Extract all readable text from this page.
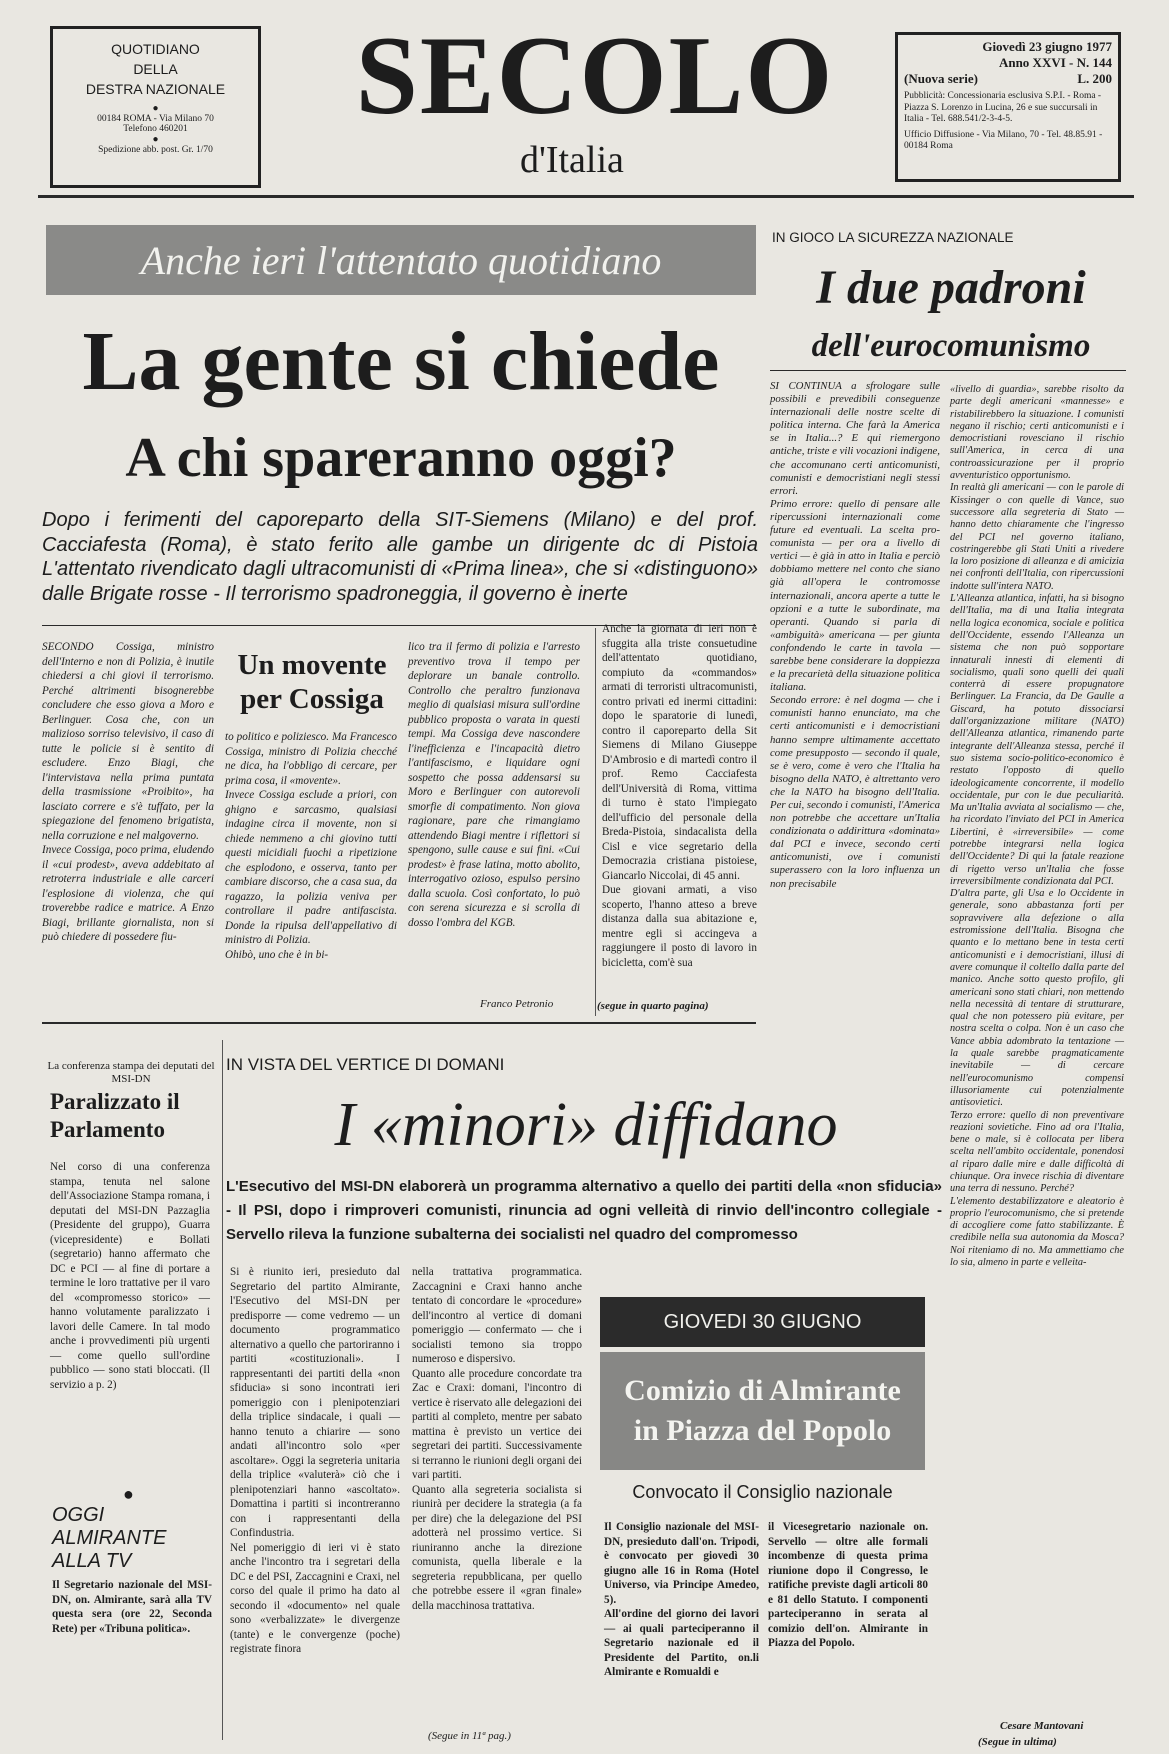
QUOTIDIANO
DELLA
DESTRA NAZIONALE
●
00184 ROMA - Via Milano 70
Telefono 460201
●
Spedizione abb. post. Gr. 1/70
SECOLO
d'Italia
Giovedì 23 giugno 1977
Anno XXVI - N. 144
(Nuova serie)	L. 200
Pubblicità: Concessionaria esclusiva S.P.I. - Roma - Piazza S. Lorenzo in Lucina, 26 e sue succursali in Italia - Tel. 688.541/2-3-4-5.
Ufficio Diffusione - Via Milano, 70 - Tel. 48.85.91 - 00184 Roma
Anche ieri l'attentato quotidiano
La gente si chiede
A chi spareranno oggi?
Dopo i ferimenti del caporeparto della SIT-Siemens (Milano) e del prof. Cacciafesta (Roma), è stato ferito alle gambe un dirigente dc di Pistoia L'attentato rivendicato dagli ultracomunisti di «Prima linea», che si «distinguono» dalle Brigate rosse - Il terrorismo spadroneggia, il governo è inerte

SECONDO Cossiga, ministro dell'Interno e non di Polizia, è inutile chiedersi a chi giovi il terrorismo. Perché altrimenti bisognerebbe concludere che esso giova a Moro e Berlinguer. Cosa che, con un malizioso sorriso televisivo, il caso di tutte le policie si è sentito di escludere. Enzo Biagi, che l'intervistava nella prima puntata della trasmissione «Proibito», ha lasciato correre e s'è tuffato, per la spiegazione del fenomeno brigatista, nella corruzione e nel malgoverno.
Invece Cossiga, poco prima, eludendo il «cui prodest», aveva addebitato al retroterra industriale e alle carceri l'esplosione di violenza, che qui troverebbe radice e matrice. A Enzo Biagi, brillante giornalista, non si può chiedere di possedere fiu-

Un movente per Cossiga

to politico e poliziesco. Ma Francesco Cossiga, ministro di Polizia checché ne dica, ha l'obbligo di cercare, per prima cosa, il «movente».
Invece Cossiga esclude a priori, con ghigno e sarcasmo, qualsiasi indagine circa il movente, non si chiede nemmeno a chi giovino tutti questi micidiali fuochi a ripetizione che esplodono, e osserva, tanto per cambiare discorso, che a casa sua, da ragazzo, la polizia veniva per controllare il padre antifascista. Donde la ripulsa dell'appellativo di ministro di Polizia.
Ohibò, uno che è in bi-

lico tra il fermo di polizia e l'arresto preventivo trova il tempo per deplorare un banale controllo. Controllo che peraltro funzionava meglio di qualsiasi misura sull'ordine pubblico proposta o varata in questi tempi. Ma Cossiga deve nascondere l'inefficienza e l'incapacità dietro l'antifascismo, e liquidare ogni sospetto che possa addensarsi su Moro e Berlinguer con autorevoli smorfie di compatimento. Non giova ragionare, pare che rimangiamo attendendo Biagi mentre i riflettori si spengono, sulle cause e sui fini. «Cui prodest» è frase latina, motto abolito, interrogativo ozioso, espulso persino dalla scuola. Così confortato, lo può con serena sicurezza e si scrolla di dosso l'ombra del KGB.

Franco Petronio

Anche la giornata di ieri non è sfuggita alla triste consuetudine dell'attentato quotidiano, compiuto da «commandos» armati di terroristi ultracomunisti, contro privati ed inermi cittadini: dopo le sparatorie di lunedì, contro il caporeparto della Sit Siemens di Milano Giuseppe D'Ambrosio e di martedì contro il prof. Remo Cacciafesta dell'Università di Roma, vittima di turno è stato l'impiegato dell'ufficio del personale della Breda-Pistoia, sindacalista della Cisl e vice segretario della Democrazia cristiana pistoiese, Giancarlo Niccolai, di 45 anni.
Due giovani armati, a viso scoperto, l'hanno atteso a breve distanza dalla sua abitazione e, mentre egli si accingeva a raggiungere il posto di lavoro in bicicletta, com'è sua

(segue in quarto pagina)
IN GIOCO LA SICUREZZA NAZIONALE
I due padroni
dell'eurocomunismo

SI CONTINUA a sfrologare sulle possibili e prevedibili conseguenze internazionali delle nostre scelte di politica interna. Che farà la America se in Italia...? E qui riemergono antiche, triste e vili vocazioni indigene, che accomunano certi anticomunisti, comunisti e democristiani negli stessi errori.
Primo errore: quello di pensare alle ripercussioni internazionali come future ed eventuali. La scelta pro-comunista — per ora a livello di vertici — è già in atto in Italia e perciò dobbiamo mettere nel conto che siano già all'opera le contromosse internazionali, ancora aperte a tutte le opzioni e a tutte le subordinate, ma operanti. Quando si parla di «ambiguità» americana — per giunta confondendo le carte in tavola — sarebbe bene considerare la doppiezza e la precarietà della situazione politica italiana.
Secondo errore: è nel dogma — che i comunisti hanno enunciato, ma che certi anticomunisti e i democristiani hanno sempre ultimamente accettato come presupposto — secondo il quale, se è vero, come è vero che l'Italia ha bisogno della NATO, è altrettanto vero che la NATO ha bisogno dell'Italia. Per cui, secondo i comunisti, l'America non potrebbe che accettare un'Italia condizionata o addirittura «dominata» dal PCI e invece, secondo certi anticomunisti, ove i comunisti superassero con la loro influenza un non precisabile

«livello di guardia», sarebbe risolto da parte degli americani «mannesse» e ristabilirebbero la situazione. I comunisti negano il rischio; certi anticomunisti e i democristiani rovesciano il rischio sull'America, in cerca di una controassicurazione per il proprio avventuristico opportunismo.
In realtà gli americani — con le parole di Kissinger o con quelle di Vance, suo successore alla segreteria di Stato — hanno detto chiaramente che l'ingresso del PCI nel governo italiano, costringerebbe gli Stati Uniti a rivedere la loro posizione di alleanza e di amicizia nei confronti dell'Italia, con ripercussioni indotte sull'intera NATO.
L'Alleanza atlantica, infatti, ha sì bisogno dell'Italia, ma di una Italia integrata nella logica economica, sociale e politica dell'Occidente, essendo l'Alleanza un sistema che non può sopportare innaturali innesti di elementi di socialismo, quali sono quelli dei quali conterrà di essere propugnatore Berlinguer. La Francia, da De Gaulle a Giscard, ha potuto dissociarsi dall'organizzazione militare (NATO) dell'Alleanza atlantica, rimanendo parte integrante dell'Alleanza stessa, perché il suo sistema socio-politico-economico è restato l'opposto di quello ideologicamente concorrente, il modello occidentale, pur con le due peculiarità. Ma un'Italia avviata al socialismo — che, ha ricordato l'inviato del PCI in America Libertini, è «irreversibile» — come potrebbe integrarsi nella logica dell'Occidente? Di qui la fatale reazione di rigetto verso un'Italia che fosse irreversibilmente condizionata dal PCI.
D'altra parte, gli Usa e lo Occidente in generale, sono abbastanza forti per sopravvivere alla defezione o alla estromissione dell'Italia. Bisogna che quanto e lo mettano bene in testa certi anticomunisti e i democristiani, illusi di avere comunque il coltello dalla parte del manico. Anche sotto questo profilo, gli americani sono stati chiari, non mettendo nella necessità di tentare di strutturare, qual che non potessero più evitare, per nostra scelta o colpa. Non è un caso che Vance abbia adombrato la tentazione — la quale sarebbe pragmaticamente inevitabile — di cercare nell'eurocomunismo compensi illusoriamente cui potenzialmente antisovietici.
Terzo errore: quello di non preventivare reazioni sovietiche. Fino ad ora l'Italia, bene o male, si è collocata per libera scelta nell'ambito occidentale, ponendosi al riparo dalle mire e dalle difficoltà di chiunque. Ora invece rischia di diventare una terra di nessuno. Perché?
L'elemento destabilizzatore e aleatorio è proprio l'eurocomunismo, che si pretende di accogliere come fatto stabilizzante. È credibile nella sua autonomia da Mosca? Noi riteniamo di no. Ma ammettiamo che lo sia, almeno in parte e velleita-

Cesare Mantovani
(Segue in ultima)
La conferenza stampa dei deputati del MSI-DN
Paralizzato il Parlamento

Nel corso di una conferenza stampa, tenuta nel salone dell'Associazione Stampa romana, i deputati del MSI-DN Pazzaglia (Presidente del gruppo), Guarra (vicepresidente) e Bollati (segretario) hanno affermato che DC e PCI — al fine di portare a termine le loro trattative per il varo del «compromesso storico» — hanno volutamente paralizzato i lavori delle Camere. In tal modo anche i provvedimenti più urgenti — come quello sull'ordine pubblico — sono stati bloccati. (Il servizio a p. 2)

●
OGGI ALMIRANTE ALLA TV

Il Segretario nazionale del MSI-DN, on. Almirante, sarà alla TV questa sera (ore 22, Seconda Rete) per «Tribuna politica».

IN VISTA DEL VERTICE DI DOMANI
I «minori» diffidano
L'Esecutivo del MSI-DN elaborerà un programma alternativo a quello dei partiti della «non sfiducia» - Il PSI, dopo i rimproveri comunisti, rinuncia ad ogni velleità di rinvio dell'incontro collegiale - Servello rileva la funzione subalterna dei socialisti nel quadro del compromesso

Si è riunito ieri, presieduto dal Segretario del partito Almirante, l'Esecutivo del MSI-DN per predisporre — come vedremo — un documento programmatico alternativo a quello che partoriranno i partiti «costituzionali». I rappresentanti dei partiti della «non sfiducia» si sono incontrati ieri pomeriggio con i plenipotenziari della triplice sindacale, i quali — hanno tenuto a chiarire — sono andati all'incontro solo «per ascoltare». Oggi la segreteria unitaria della triplice «valuterà» ciò che i plenipotenziari hanno «ascoltato». Domattina i partiti si incontreranno con i rappresentanti della Confindustria.
Nel pomeriggio di ieri vi è stato anche l'incontro tra i segretari della DC e del PSI, Zaccagnini e Craxi, nel corso del quale il primo ha dato al secondo il «documento» nel quale sono «verbalizzate» le divergenze (tante) e le convergenze (poche) registrate finora

nella trattativa programmatica. Zaccagnini e Craxi hanno anche tentato di concordare le «procedure» dell'incontro al vertice di domani pomeriggio — confermato — che i socialisti temono sia troppo numeroso e dispersivo.
Quanto alle procedure concordate tra Zac e Craxi: domani, l'incontro di vertice è riservato alle delegazioni dei partiti al completo, mentre per sabato mattina è previsto un vertice dei segretari dei partiti. Successivamente si terranno le riunioni degli organi dei vari partiti.
Quanto alla segreteria socialista si riunirà per decidere la strategia (a fa per dire) che la delegazione del PSI adotterà nel prossimo vertice. Si riuniranno anche la direzione comunista, quella liberale e la segreteria repubblicana, per quello che potrebbe essere il «gran finale» della macchinosa trattativa.

(Segue in 11ª pag.)
GIOVEDI 30 GIUGNO
Comizio di Almirante in Piazza del Popolo
Convocato il Consiglio nazionale

Il Consiglio nazionale del MSI-DN, presieduto dall'on. Tripodi, è convocato per giovedì 30 giugno alle 16 in Roma (Hotel Universo, via Principe Amedeo, 5).
All'ordine del giorno dei lavori — ai quali parteciperanno il Segretario nazionale ed il Presidente del Partito, on.li Almirante e Romualdi e

il Vicesegretario nazionale on. Servello — oltre alle formali incombenze di questa prima riunione dopo il Congresso, le ratifiche previste dagli articoli 80 e 81 dello Statuto. I componenti parteciperanno in serata al comizio dell'on. Almirante in Piazza del Popolo.
